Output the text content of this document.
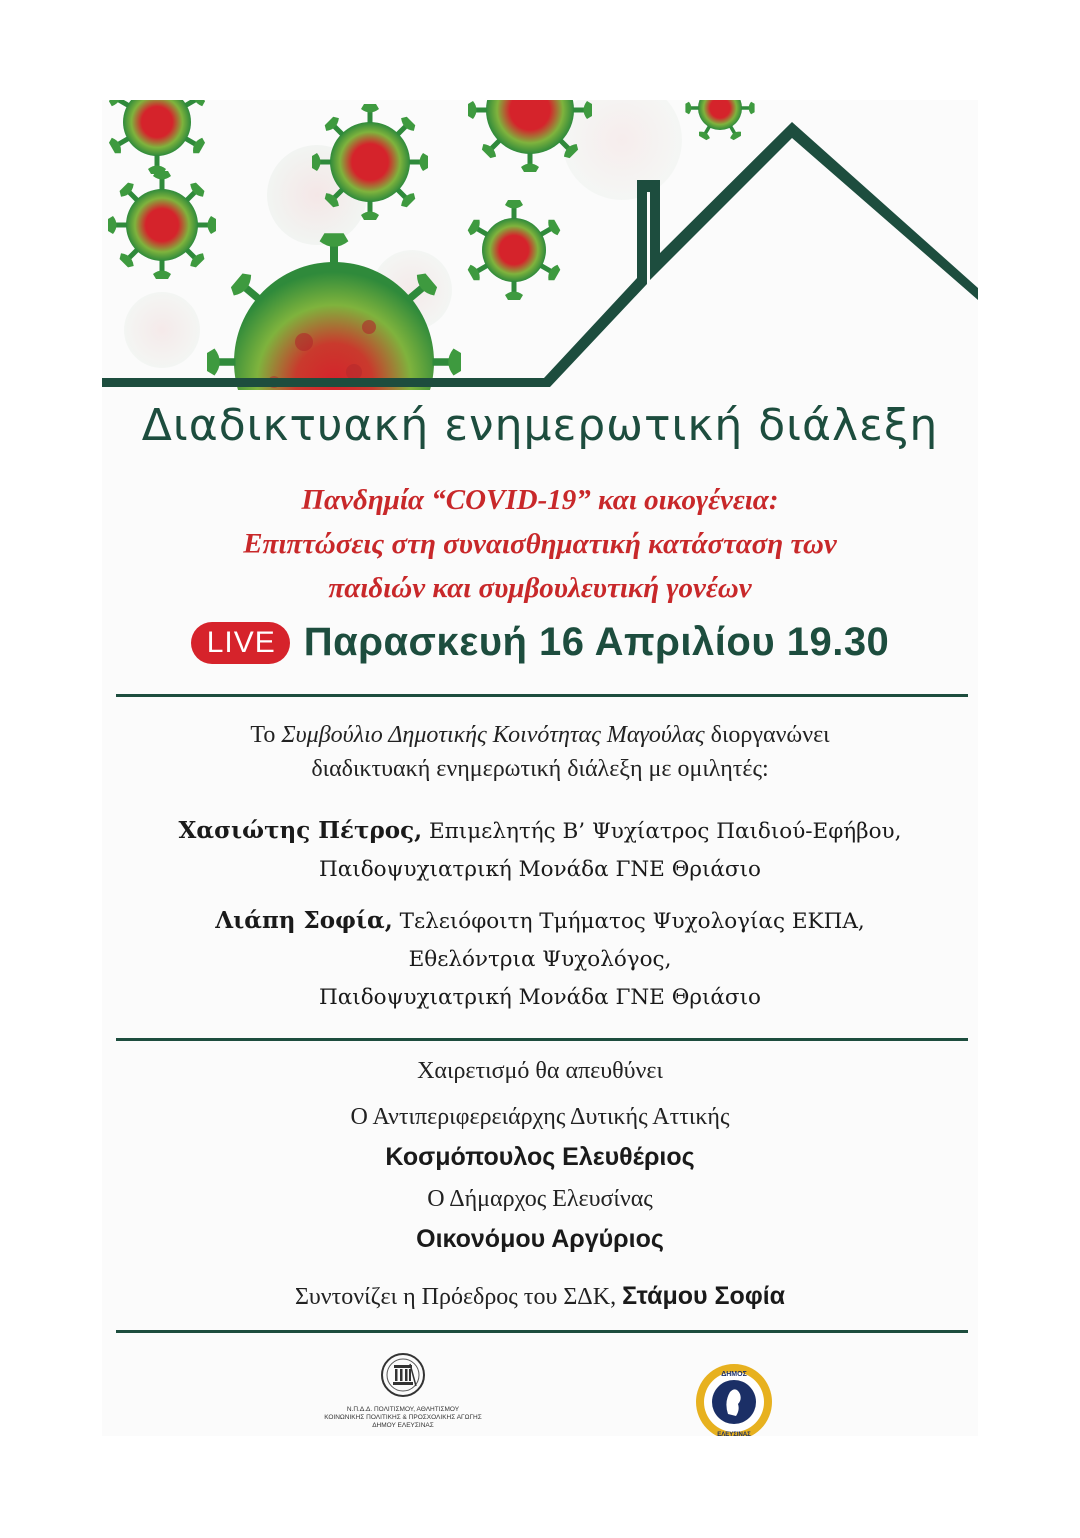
Διαδικτυακή ενημερωτική διάλεξη
Πανδημία “COVID-19” και οικογένεια:
Επιπτώσεις στη συναισθηματική κατάσταση των
παιδιών και συμβουλευτική γονέων
LIVE Παρασκευή 16 Απριλίου 19.30
Το Συμβούλιο Δημοτικής Κοινότητας Μαγούλας διοργανώνει
διαδικτυακή ενημερωτική διάλεξη με ομιλητές:
Χασιώτης Πέτρος, Επιμελητής Β’ Ψυχίατρος Παιδιού-Εφήβου,
Παιδοψυχιατρική Μονάδα ΓΝΕ Θριάσιο
Λιάπη Σοφία, Τελειόφοιτη Τμήματος Ψυχολογίας ΕΚΠΑ,
Εθελόντρια Ψυχολόγος,
Παιδοψυχιατρική Μονάδα ΓΝΕ Θριάσιο
Χαιρετισμό θα απευθύνει
Ο Αντιπεριφερειάρχης Δυτικής Αττικής
Κοσμόπουλος Ελευθέριος
Ο Δήμαρχος Ελευσίνας
Οικονόμου Αργύριος
Συντονίζει η Πρόεδρος του ΣΔΚ, Στάμου Σοφία
Ν.Π.Δ.Δ. ΠΟΛΙΤΙΣΜΟΥ, ΑΘΛΗΤΙΣΜΟΥ
ΚΟΙΝΩΝΙΚΗΣ ΠΟΛΙΤΙΚΗΣ & ΠΡΟΣΧΟΛΙΚΗΣ ΑΓΩΓΗΣ
ΔΗΜΟΥ ΕΛΕΥΣΙΝΑΣ
ΔΗΜΟΣ
ΕΛΕΥΣΙΝΑΣ
